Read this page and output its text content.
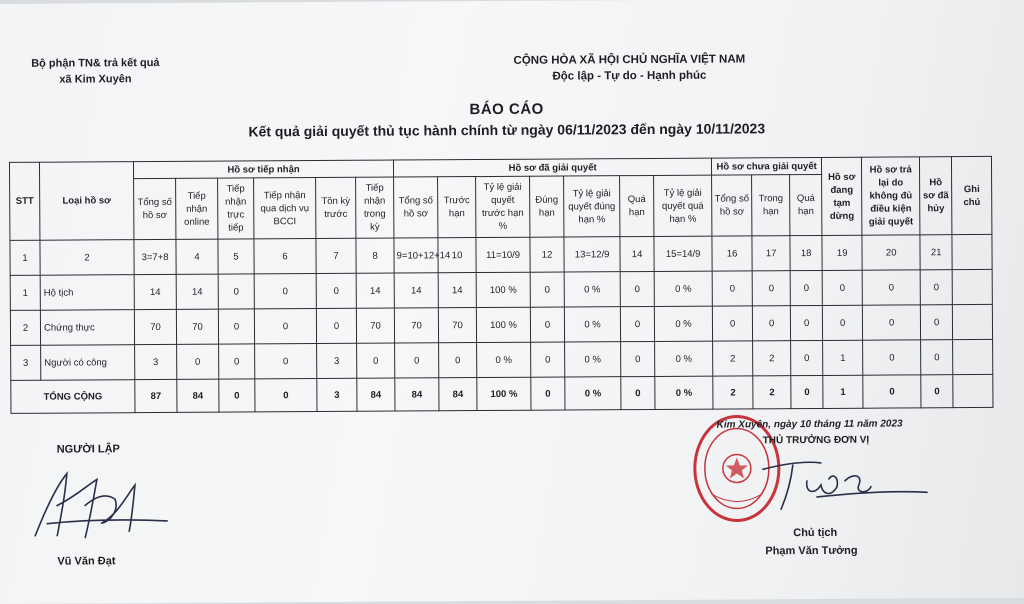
Bộ phận TN& trả kết quả
xã Kim Xuyên
CỘNG HÒA XÃ HỘI CHỦ NGHĨA VIỆT NAM
Độc lập - Tự do - Hạnh phúc
BÁO CÁO
Kết quả giải quyết thủ tục hành chính từ ngày 06/11/2023 đến ngày 10/11/2023
STT	Loại hồ sơ	Hồ sơ tiếp nhận						Hồ sơ đã giải quyết							Hồ sơ chưa giải quyết			Hồ sơ đang tạm dừng	Hồ sơ trả lại do không đủ điều kiện giải quyết	Hồ sơ đã hủy	Ghi chú
		Tổng số hồ sơ	Tiếp nhận online	Tiếp nhận trực tiếp	Tiếp nhận qua dịch vụ BCCI	Tồn kỳ trước	Tiếp nhận trong kỳ	Tổng số hồ sơ	Trước hạn	Tỷ lệ giải quyết trước hạn %	Đúng hạn	Tỷ lệ giải quyết đúng hạn %	Quá hạn	Tỷ lệ giải quyết quá hạn %	Tổng số hồ sơ	Trong hạn	Quá hạn				
1	2	3=7+8	4	5	6	7	8	9=10+12+14	10	11=10/9	12	13=12/9	14	15=14/9	16	17	18	19	20	21	
1	Hộ tịch	14	14	0	0	0	14	14	14	100 %	0	0 %	0	0 %	0	0	0	0	0	0	
2	Chứng thực	70	70	0	0	0	70	70	70	100 %	0	0 %	0	0 %	0	0	0	0	0	0	
3	Người có công	3	0	0	0	3	0	0	0	0 %	0	0 %	0	0 %	2	2	0	1	0	0	
TỔNG CỘNG		87	84	0	0	3	84	84	84	100 %	0	0 %	0	0 %	2	2	0	1	0	0	
NGƯỜI LẬP
Vũ Văn Đạt
Kim Xuyên, ngày 10 tháng 11 năm 2023
THỦ TRƯỞNG ĐƠN VỊ
Chủ tịch
Phạm Văn Tưởng
